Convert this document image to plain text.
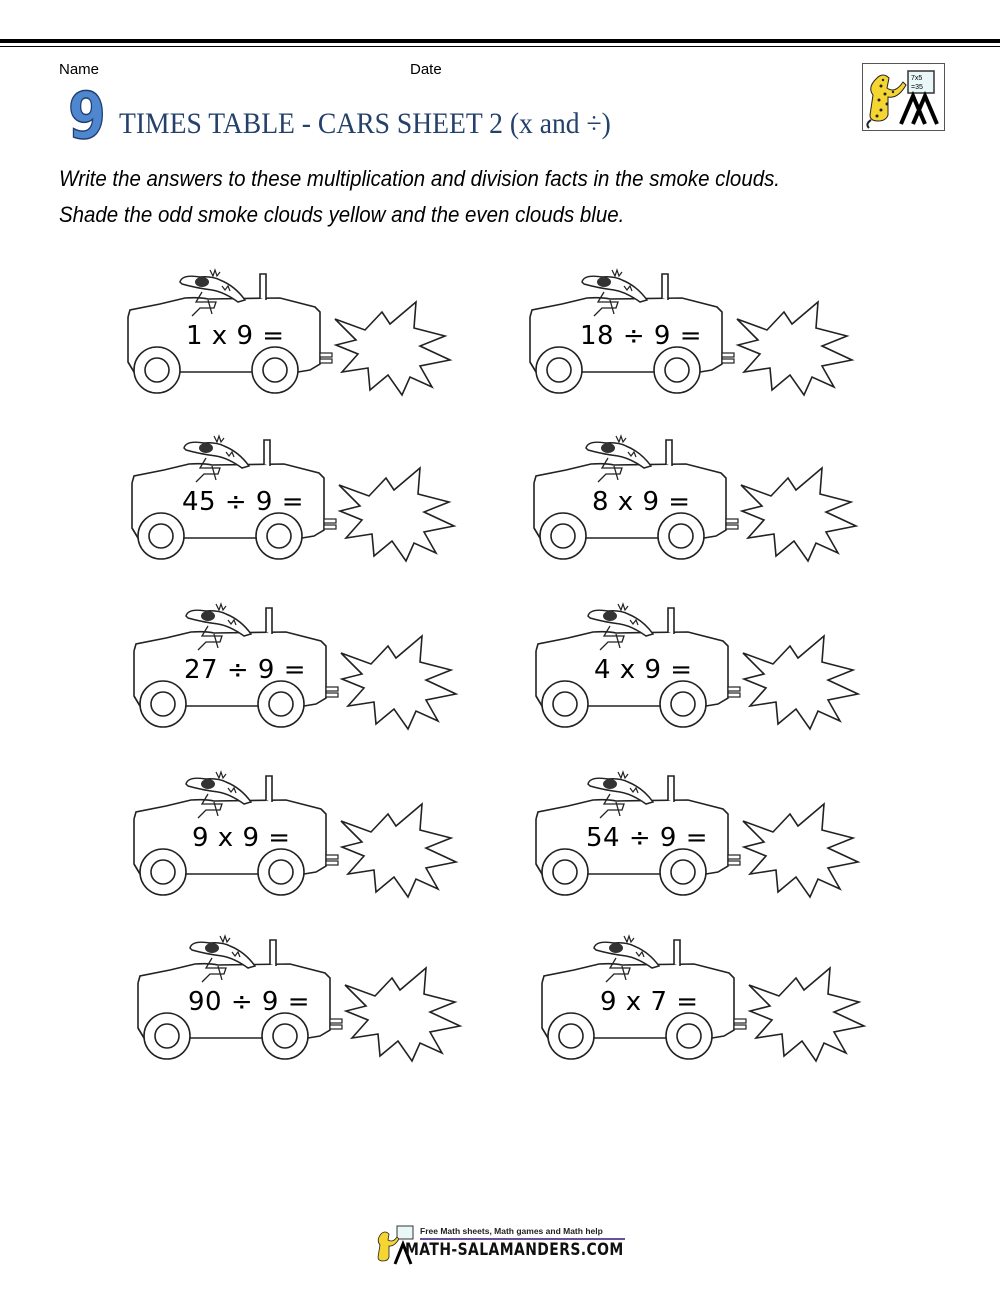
Name	Date
9 TIMES TABLE - CARS SHEET 2 (x and ÷)
7x5
=35
Write the answers to these multiplication and division facts in the smoke clouds.
Shade the odd smoke clouds yellow and the even clouds blue.
1 x 9 =	18 ÷ 9 =
45 ÷ 9 =	8 x 9 =
27 ÷ 9 =	4 x 9 =
9 x 9 =	54 ÷ 9 =
90 ÷ 9 =	9 x 7 =
Free Math sheets, Math games and Math help
MATH-SALAMANDERS.COM
